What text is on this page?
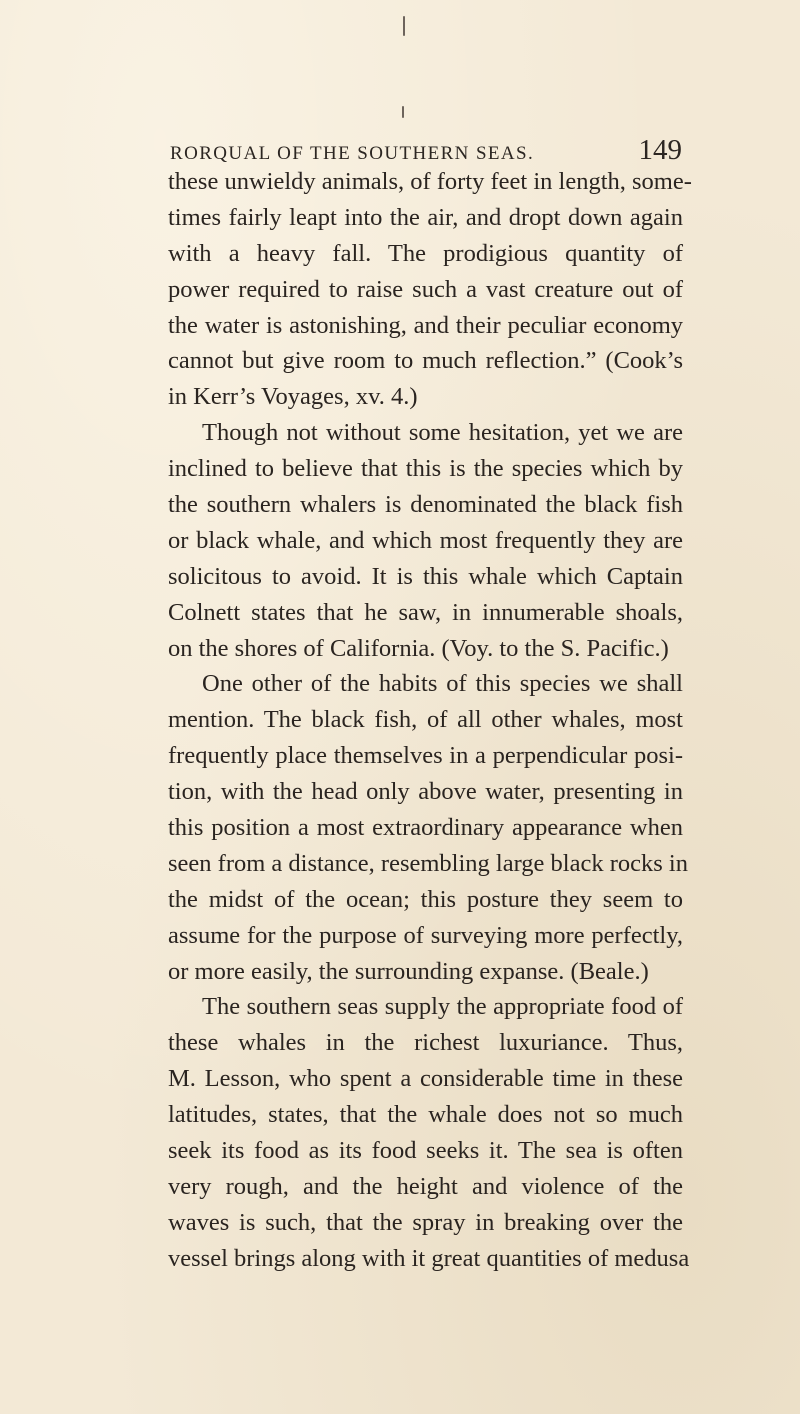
RORQUAL OF THE SOUTHERN SEAS.	149
these unwieldy animals, of forty feet in length, some-
times fairly leapt into the air, and dropt down again
with a heavy fall. The prodigious quantity of
power required to raise such a vast creature out of
the water is astonishing, and their peculiar economy
cannot but give room to much reflection.” (Cook’s
in Kerr’s Voyages, xv. 4.)
Though not without some hesitation, yet we are
inclined to believe that this is the species which by
the southern whalers is denominated the black fish
or black whale, and which most frequently they are
solicitous to avoid. It is this whale which Captain
Colnett states that he saw, in innumerable shoals,
on the shores of California. (Voy. to the S. Pacific.)
One other of the habits of this species we shall
mention. The black fish, of all other whales, most
frequently place themselves in a perpendicular posi-
tion, with the head only above water, presenting in
this position a most extraordinary appearance when
seen from a distance, resembling large black rocks in
the midst of the ocean; this posture they seem to
assume for the purpose of surveying more perfectly,
or more easily, the surrounding expanse. (Beale.)
The southern seas supply the appropriate food of
these whales in the richest luxuriance. Thus,
M. Lesson, who spent a considerable time in these
latitudes, states, that the whale does not so much
seek its food as its food seeks it. The sea is often
very rough, and the height and violence of the
waves is such, that the spray in breaking over the
vessel brings along with it great quantities of medusa
